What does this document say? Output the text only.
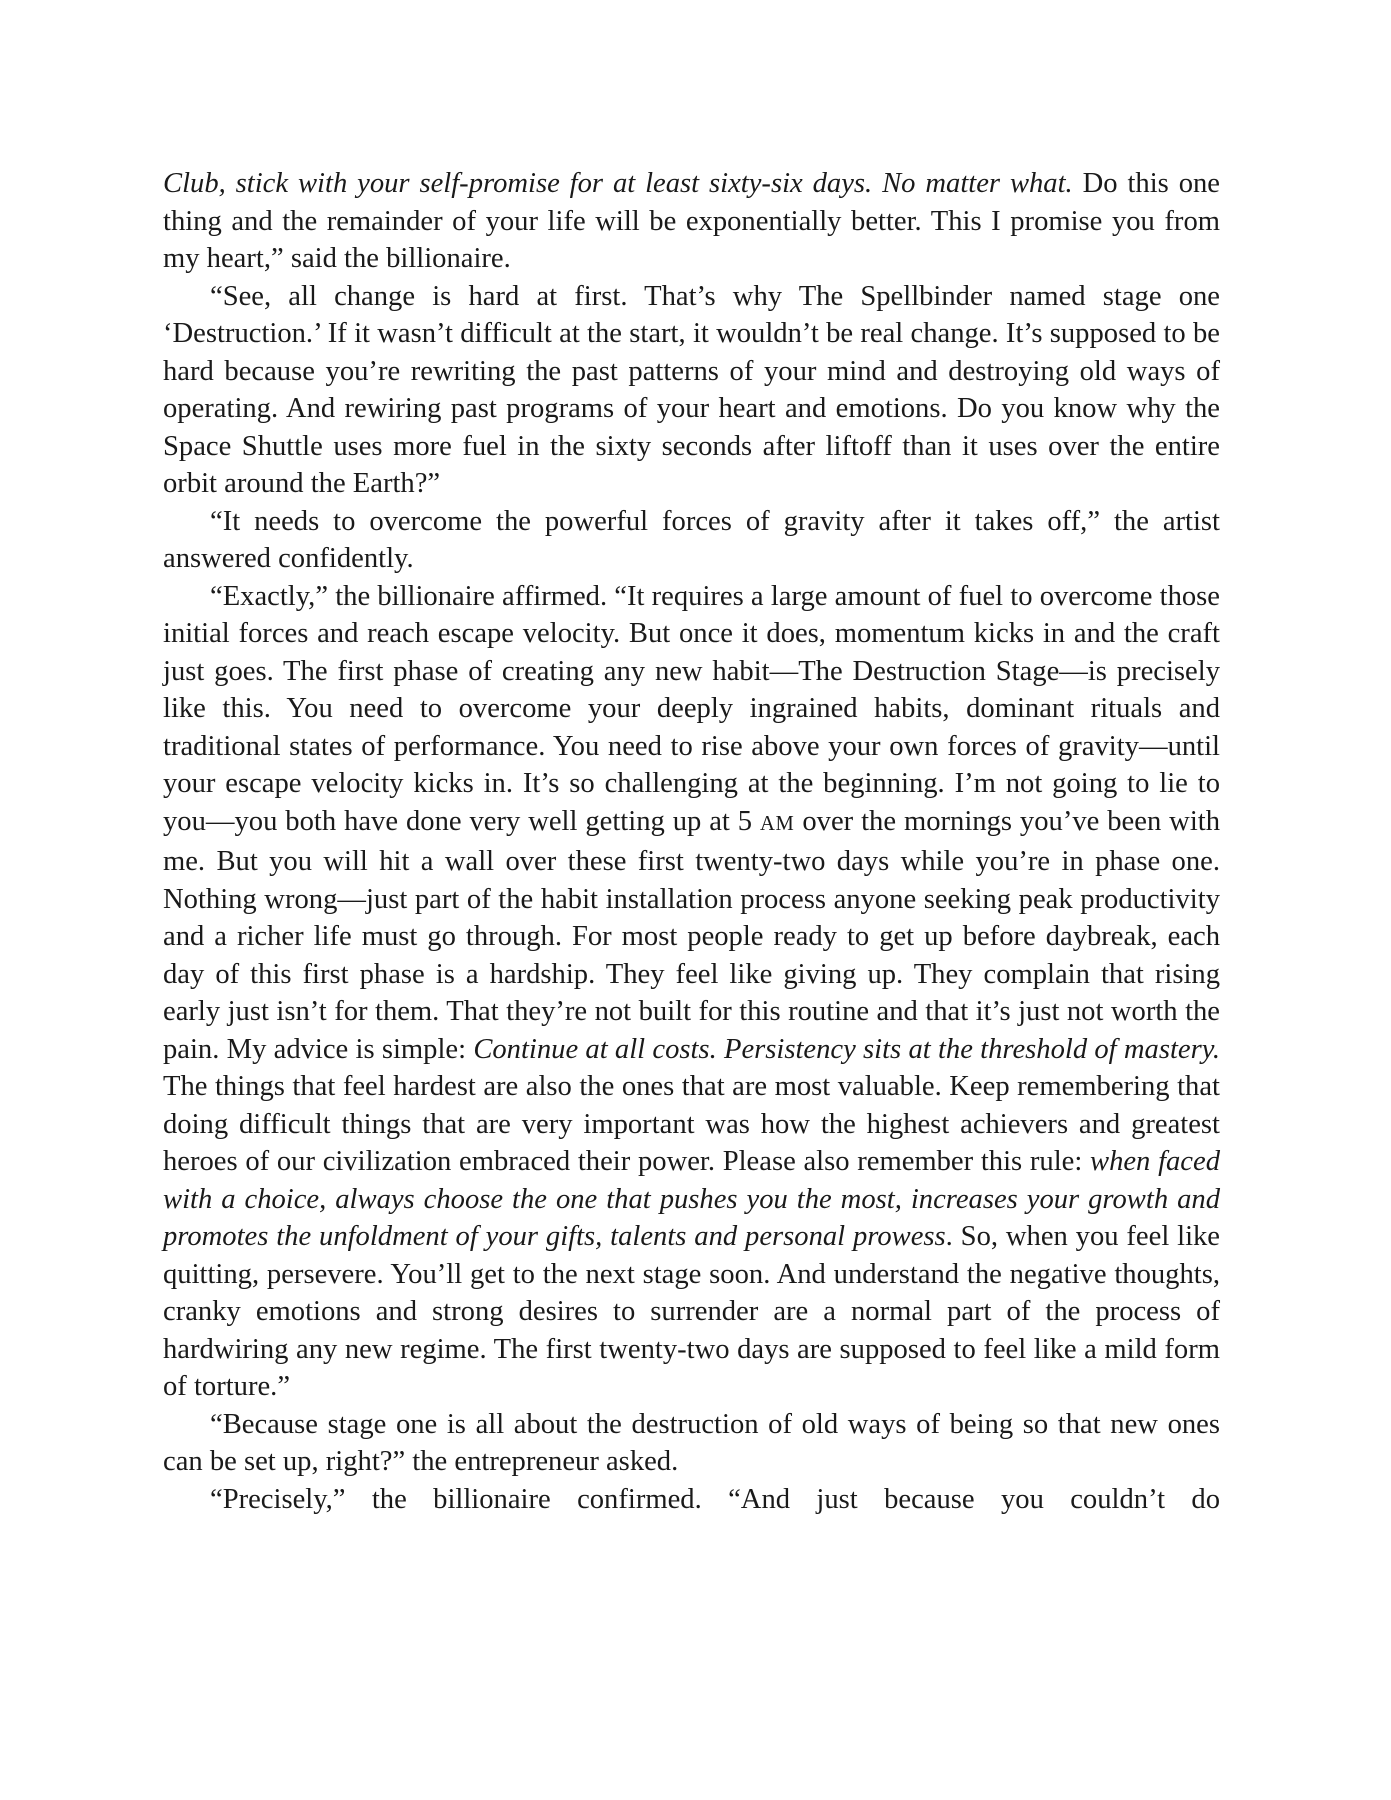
Club, stick with your self-promise for at least sixty-six days. No matter what. Do this one thing and the remainder of your life will be exponentially better. This I promise you from my heart,” said the billionaire.

“See, all change is hard at first. That’s why The Spellbinder named stage one ‘Destruction.’ If it wasn’t difficult at the start, it wouldn’t be real change. It’s supposed to be hard because you’re rewriting the past patterns of your mind and destroying old ways of operating. And rewiring past programs of your heart and emotions. Do you know why the Space Shuttle uses more fuel in the sixty seconds after liftoff than it uses over the entire orbit around the Earth?”

“It needs to overcome the powerful forces of gravity after it takes off,” the artist answered confidently.

“Exactly,” the billionaire affirmed. “It requires a large amount of fuel to overcome those initial forces and reach escape velocity. But once it does, momentum kicks in and the craft just goes. The first phase of creating any new habit—The Destruction Stage—is precisely like this. You need to overcome your deeply ingrained habits, dominant rituals and traditional states of performance. You need to rise above your own forces of gravity—until your escape velocity kicks in. It’s so challenging at the beginning. I’m not going to lie to you—you both have done very well getting up at 5 AM over the mornings you’ve been with me. But you will hit a wall over these first twenty-two days while you’re in phase one. Nothing wrong—just part of the habit installation process anyone seeking peak productivity and a richer life must go through. For most people ready to get up before daybreak, each day of this first phase is a hardship. They feel like giving up. They complain that rising early just isn’t for them. That they’re not built for this routine and that it’s just not worth the pain. My advice is simple: Continue at all costs. Persistency sits at the threshold of mastery. The things that feel hardest are also the ones that are most valuable. Keep remembering that doing difficult things that are very important was how the highest achievers and greatest heroes of our civilization embraced their power. Please also remember this rule: when faced with a choice, always choose the one that pushes you the most, increases your growth and promotes the unfoldment of your gifts, talents and personal prowess. So, when you feel like quitting, persevere. You’ll get to the next stage soon. And understand the negative thoughts, cranky emotions and strong desires to surrender are a normal part of the process of hardwiring any new regime. The first twenty-two days are supposed to feel like a mild form of torture.”

“Because stage one is all about the destruction of old ways of being so that new ones can be set up, right?” the entrepreneur asked.

“Precisely,” the billionaire confirmed. “And just because you couldn’t do
